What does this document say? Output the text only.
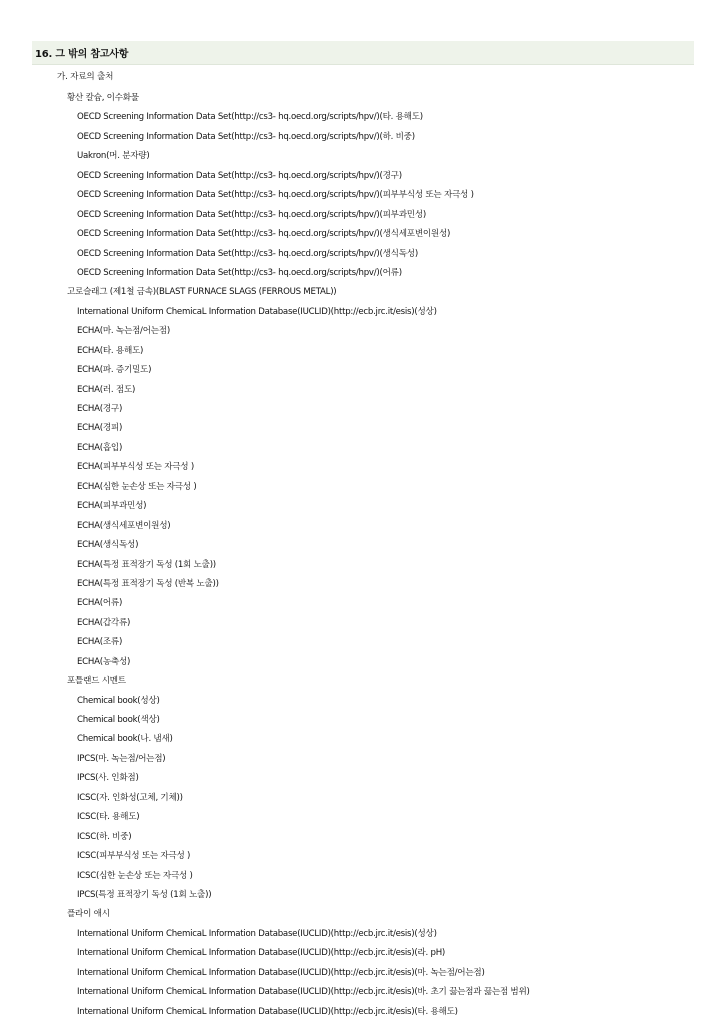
16. 그 밖의 참고사항
가. 자료의 출처
황산 칼슘, 이수화물
OECD Screening Information Data Set(http://cs3- hq.oecd.org/scripts/hpv/)(타. 용해도)
OECD Screening Information Data Set(http://cs3- hq.oecd.org/scripts/hpv/)(하. 비중)
Uakron(머. 분자량)
OECD Screening Information Data Set(http://cs3- hq.oecd.org/scripts/hpv/)(경구)
OECD Screening Information Data Set(http://cs3- hq.oecd.org/scripts/hpv/)(피부부식성 또는 자극성 )
OECD Screening Information Data Set(http://cs3- hq.oecd.org/scripts/hpv/)(피부과민성)
OECD Screening Information Data Set(http://cs3- hq.oecd.org/scripts/hpv/)(생식세포변이원성)
OECD Screening Information Data Set(http://cs3- hq.oecd.org/scripts/hpv/)(생식독성)
OECD Screening Information Data Set(http://cs3- hq.oecd.org/scripts/hpv/)(어류)
고로슬래그 (제1철 금속)(BLAST FURNACE SLAGS (FERROUS METAL))
International Uniform ChemicaL Information Database(IUCLID)(http://ecb.jrc.it/esis)(성상)
ECHA(마. 녹는점/어는점)
ECHA(타. 용해도)
ECHA(파. 증기밀도)
ECHA(러. 점도)
ECHA(경구)
ECHA(경피)
ECHA(흡입)
ECHA(피부부식성 또는 자극성 )
ECHA(심한 눈손상 또는 자극성 )
ECHA(피부과민성)
ECHA(생식세포변이원성)
ECHA(생식독성)
ECHA(특정 표적장기 독성 (1회 노출))
ECHA(특정 표적장기 독성 (반복 노출))
ECHA(어류)
ECHA(갑각류)
ECHA(조류)
ECHA(농축성)
포틀랜드 시멘트
Chemical book(성상)
Chemical book(색상)
Chemical book(나. 냄새)
IPCS(마. 녹는점/어는점)
IPCS(사. 인화점)
ICSC(자. 인화성(고체, 기체))
ICSC(타. 용해도)
ICSC(하. 비중)
ICSC(피부부식성 또는 자극성 )
ICSC(심한 눈손상 또는 자극성 )
IPCS(특정 표적장기 독성 (1회 노출))
플라이 애시
International Uniform ChemicaL Information Database(IUCLID)(http://ecb.jrc.it/esis)(성상)
International Uniform ChemicaL Information Database(IUCLID)(http://ecb.jrc.it/esis)(라. pH)
International Uniform ChemicaL Information Database(IUCLID)(http://ecb.jrc.it/esis)(마. 녹는점/어는점)
International Uniform ChemicaL Information Database(IUCLID)(http://ecb.jrc.it/esis)(바. 초기 끓는점과 끓는점 범위)
International Uniform ChemicaL Information Database(IUCLID)(http://ecb.jrc.it/esis)(타. 용해도)
